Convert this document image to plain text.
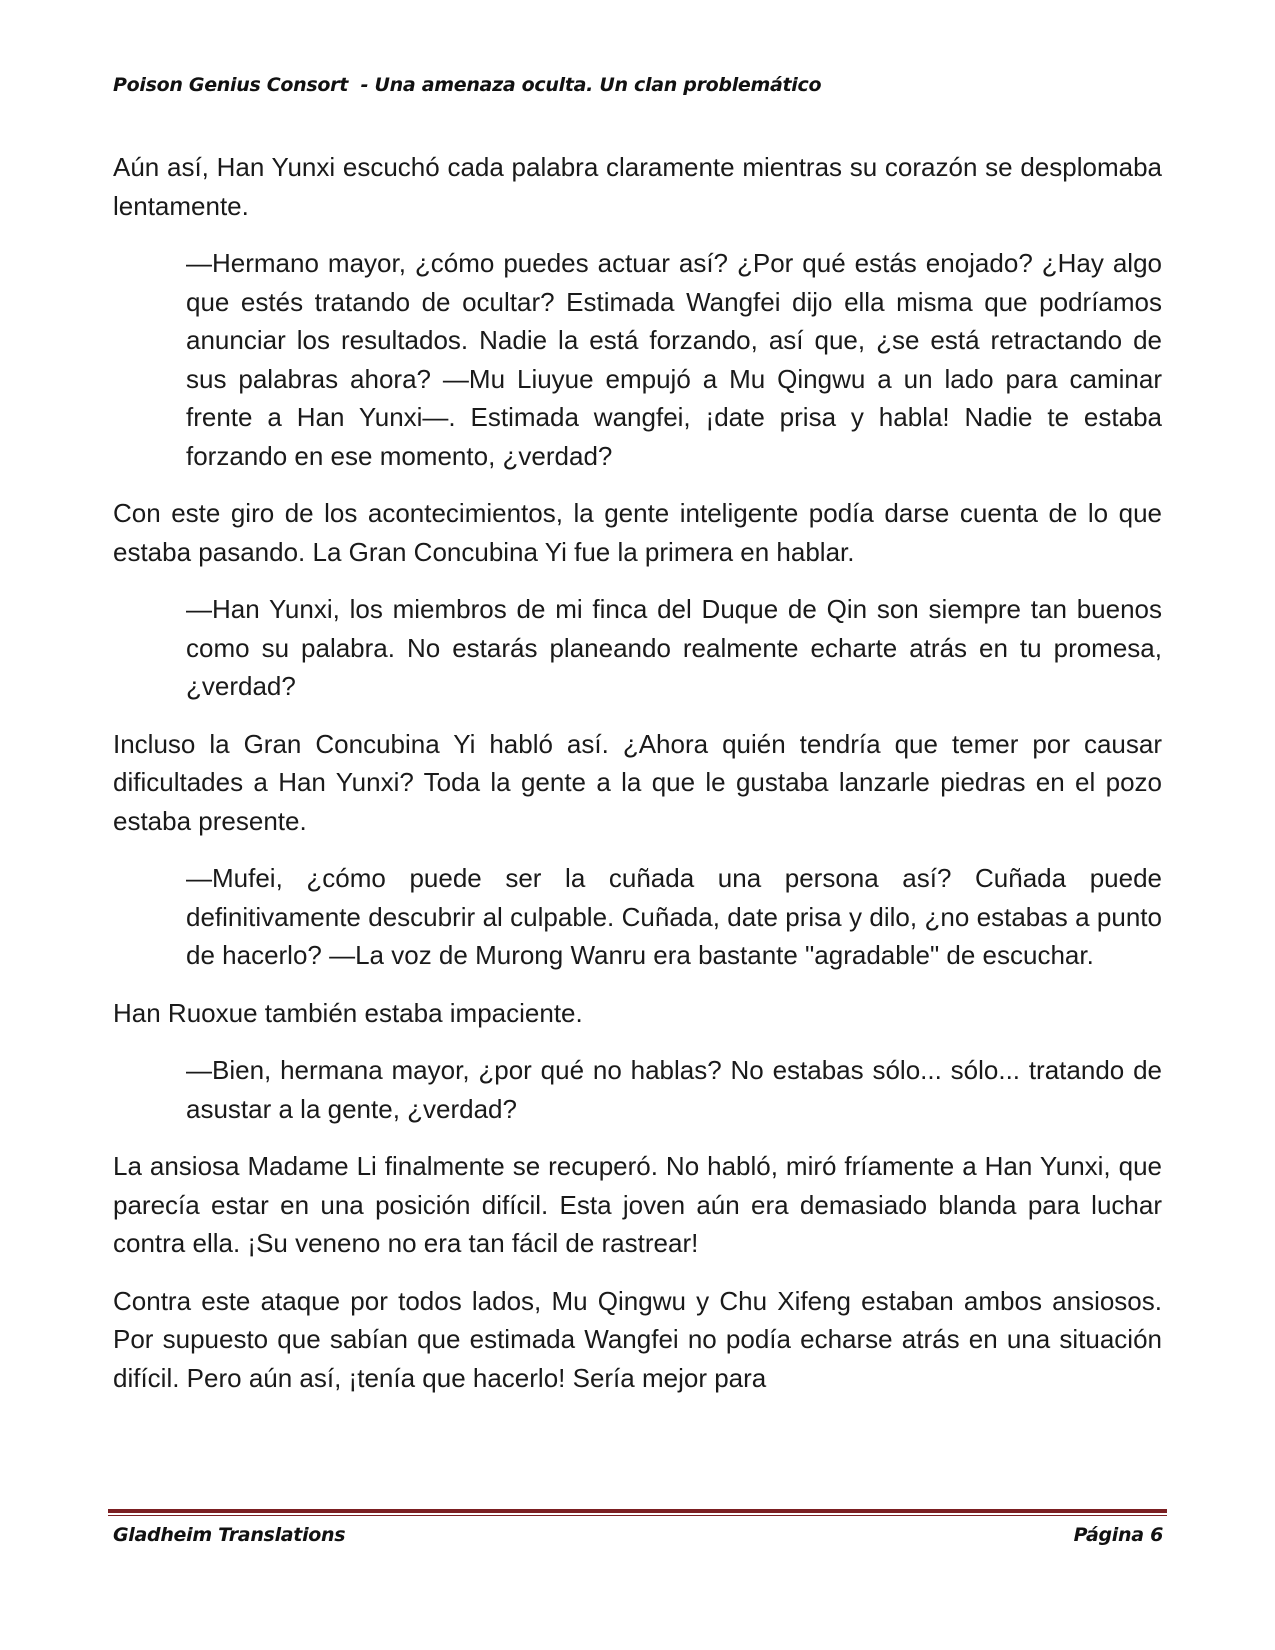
Poison Genius Consort  - Una amenaza oculta. Un clan problemático

Aún así, Han Yunxi escuchó cada palabra claramente mientras su corazón se desplomaba lentamente.

—Hermano mayor, ¿cómo puedes actuar así? ¿Por qué estás enojado? ¿Hay algo que estés tratando de ocultar? Estimada Wangfei dijo ella misma que podríamos anunciar los resultados. Nadie la está forzando, así que, ¿se está retractando de sus palabras ahora? —Mu Liuyue empujó a Mu Qingwu a un lado para caminar frente a Han Yunxi—. Estimada wangfei, ¡date prisa y habla! Nadie te estaba forzando en ese momento, ¿verdad?

Con este giro de los acontecimientos, la gente inteligente podía darse cuenta de lo que estaba pasando. La Gran Concubina Yi fue la primera en hablar.

—Han Yunxi, los miembros de mi finca del Duque de Qin son siempre tan buenos como su palabra. No estarás planeando realmente echarte atrás en tu promesa, ¿verdad?

Incluso la Gran Concubina Yi habló así. ¿Ahora quién tendría que temer por causar dificultades a Han Yunxi? Toda la gente a la que le gustaba lanzarle piedras en el pozo estaba presente.

—Mufei, ¿cómo puede ser la cuñada una persona así? Cuñada puede definitivamente descubrir al culpable. Cuñada, date prisa y dilo, ¿no estabas a punto de hacerlo? —La voz de Murong Wanru era bastante "agradable" de escuchar.

Han Ruoxue también estaba impaciente.

—Bien, hermana mayor, ¿por qué no hablas? No estabas sólo... sólo... tratando de asustar a la gente, ¿verdad?

La ansiosa Madame Li finalmente se recuperó. No habló, miró fríamente a Han Yunxi, que parecía estar en una posición difícil. Esta joven aún era demasiado blanda para luchar contra ella. ¡Su veneno no era tan fácil de rastrear!

Contra este ataque por todos lados, Mu Qingwu y Chu Xifeng estaban ambos ansiosos. Por supuesto que sabían que estimada Wangfei no podía echarse atrás en una situación difícil. Pero aún así, ¡tenía que hacerlo! Sería mejor para

Gladheim Translations	Página 6
